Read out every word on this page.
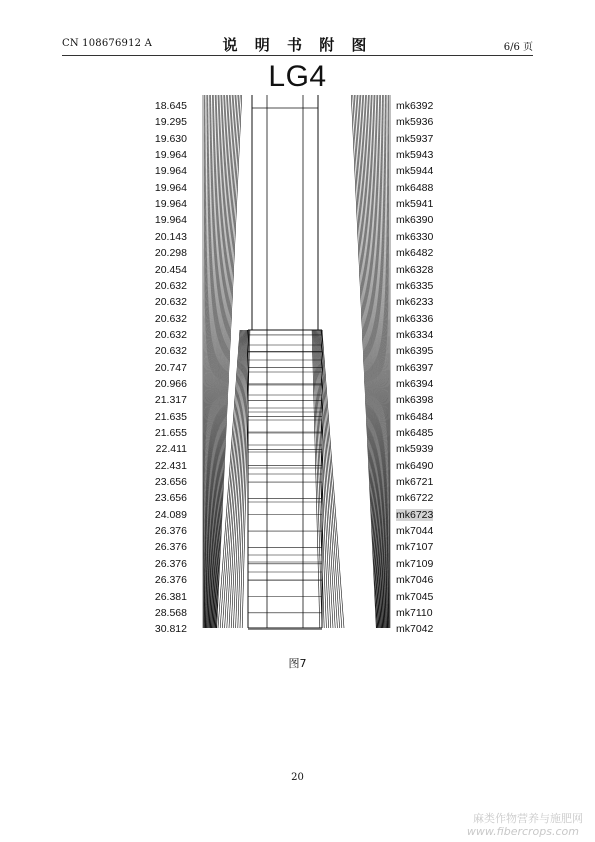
CN 108676912 A	说 明 书 附 图	6/6 页
LG4
18.645	mk6392
19.295	mk5936
19.630	mk5937
19.964	mk5943
19.964	mk5944
19.964	mk6488
19.964	mk5941
19.964	mk6390
20.143	mk6330
20.298	mk6482
20.454	mk6328
20.632	mk6335
20.632	mk6233
20.632	mk6336
20.632	mk6334
20.632	mk6395
20.747	mk6397
20.966	mk6394
21.317	mk6398
21.635	mk6484
21.655	mk6485
22.411	mk5939
22.431	mk6490
23.656	mk6721
23.656	mk6722
24.089	mk6723
26.376	mk7044
26.376	mk7107
26.376	mk7109
26.376	mk7046
26.381	mk7045
28.568	mk7110
30.812	mk7042
图7
20
麻类作物营养与施肥网
www.fibercrops.com
